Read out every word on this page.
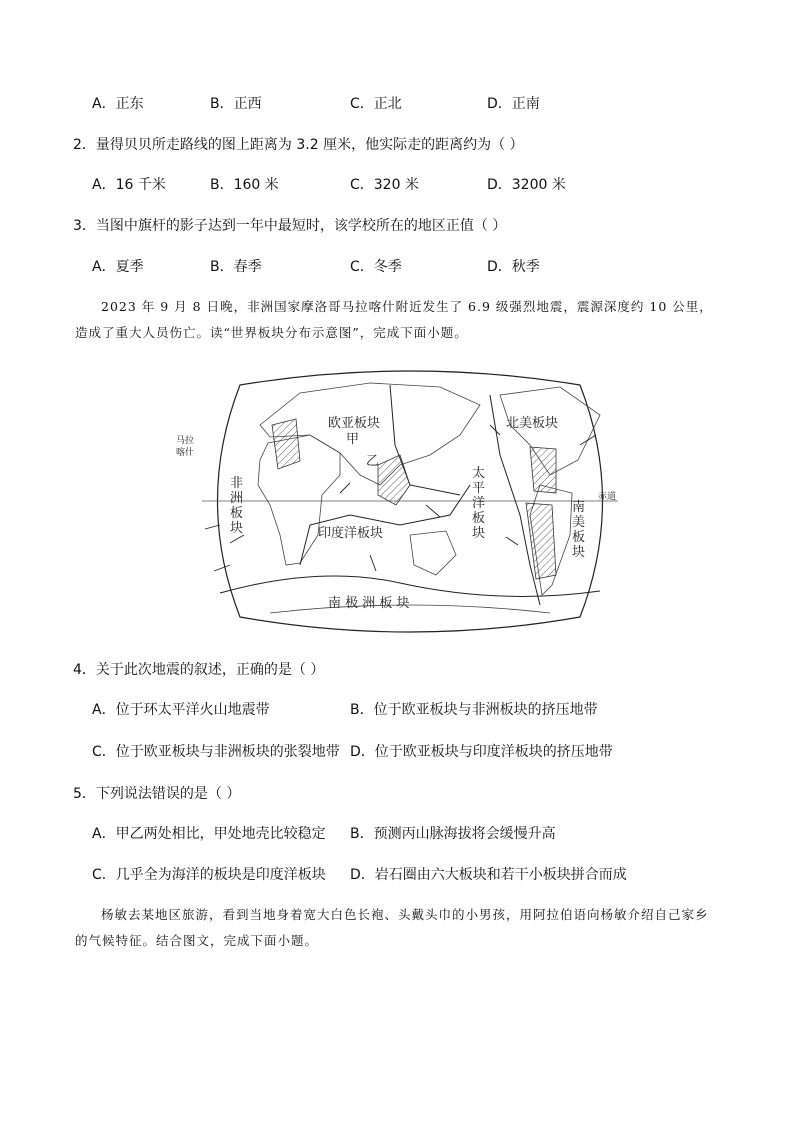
A．正东	B．正西	C．正北	D．正南
2．量得贝贝所走路线的图上距离为 3.2 厘米，他实际走的距离约为（ ）
A．16 千米	B．160 米	C．320 米	D．3200 米
3．当图中旗杆的影子达到一年中最短时，该学校所在的地区正值（ ）
A．夏季	B．春季	C．冬季	D．秋季
2023 年 9 月 8 日晚，非洲国家摩洛哥马拉喀什附近发生了 6.9 级强烈地震，震源深度约 10 公里，造成了重大人员伤亡。读“世界板块分布示意图”，完成下面小题。
欧亚板块
甲
乙
马拉
喀什
非
洲
板
块	印度洋板块
太
平
洋
板
块
北美板块
南
美
板
块
南 极 洲 板 块
赤道
4．关于此次地震的叙述，正确的是（ ）
A．位于环太平洋火山地震带	B．位于欧亚板块与非洲板块的挤压地带
C．位于欧亚板块与非洲板块的张裂地带 D．位于欧亚板块与印度洋板块的挤压地带
5．下列说法错误的是（ ）
A．甲乙两处相比，甲处地壳比较稳定 B．预测丙山脉海拔将会缓慢升高
C．几乎全为海洋的板块是印度洋板块 D．岩石圈由六大板块和若干小板块拼合而成
杨敏去某地区旅游，看到当地身着宽大白色长袍、头戴头巾的小男孩，用阿拉伯语向杨敏介绍自己家乡的气候特征。结合图文，完成下面小题。
